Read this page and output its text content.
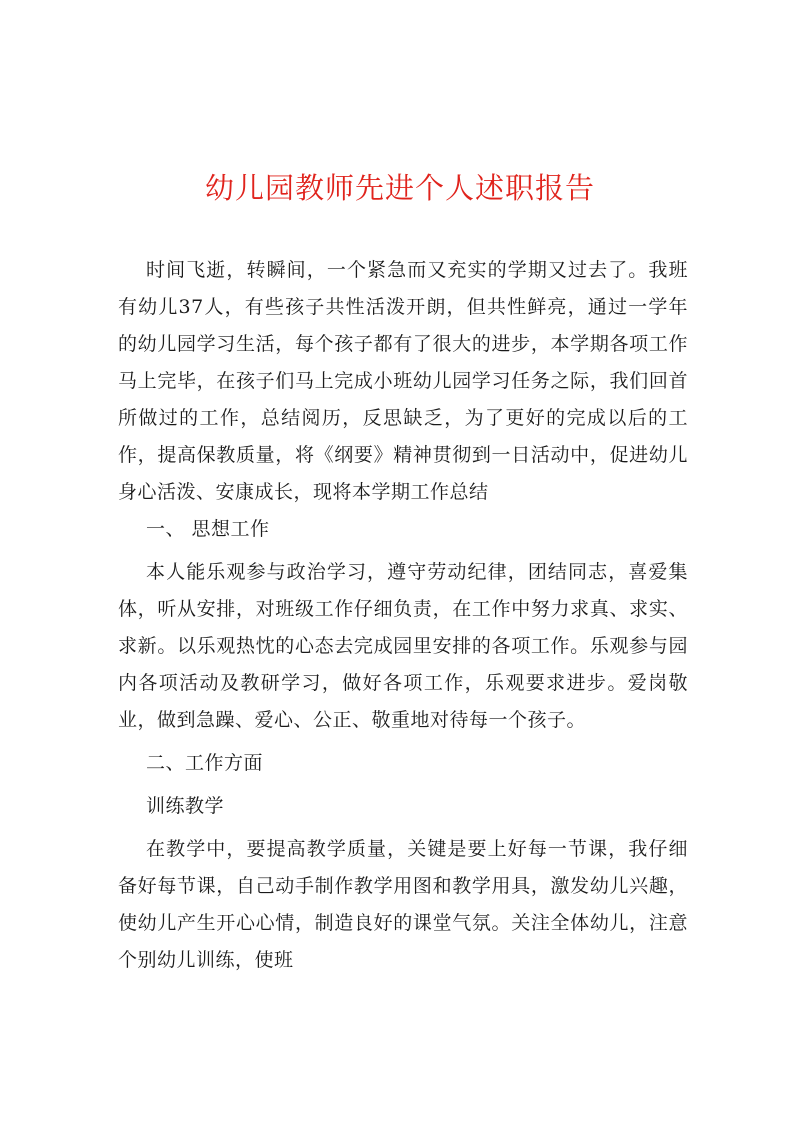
幼儿园教师先进个人述职报告

时间飞逝，转瞬间，一个紧急而又充实的学期又过去了。我班有幼儿37人，有些孩子共性活泼开朗，但共性鲜亮，通过一学年的幼儿园学习生活，每个孩子都有了很大的进步，本学期各项工作马上完毕，在孩子们马上完成小班幼儿园学习任务之际，我们回首所做过的工作，总结阅历，反思缺乏，为了更好的完成以后的工作，提高保教质量，将《纲要》精神贯彻到一日活动中，促进幼儿身心活泼、安康成长，现将本学期工作总结

一、 思想工作

本人能乐观参与政治学习，遵守劳动纪律，团结同志，喜爱集体，听从安排，对班级工作仔细负责，在工作中努力求真、求实、求新。以乐观热忱的心态去完成园里安排的各项工作。乐观参与园内各项活动及教研学习，做好各项工作，乐观要求进步。爱岗敬业，做到急躁、爱心、公正、敬重地对待每一个孩子。

二、工作方面

训练教学

在教学中，要提高教学质量，关键是要上好每一节课，我仔细备好每节课，自己动手制作教学用图和教学用具，激发幼儿兴趣，使幼儿产生开心心情，制造良好的课堂气氛。关注全体幼儿，注意个别幼儿训练，使班
